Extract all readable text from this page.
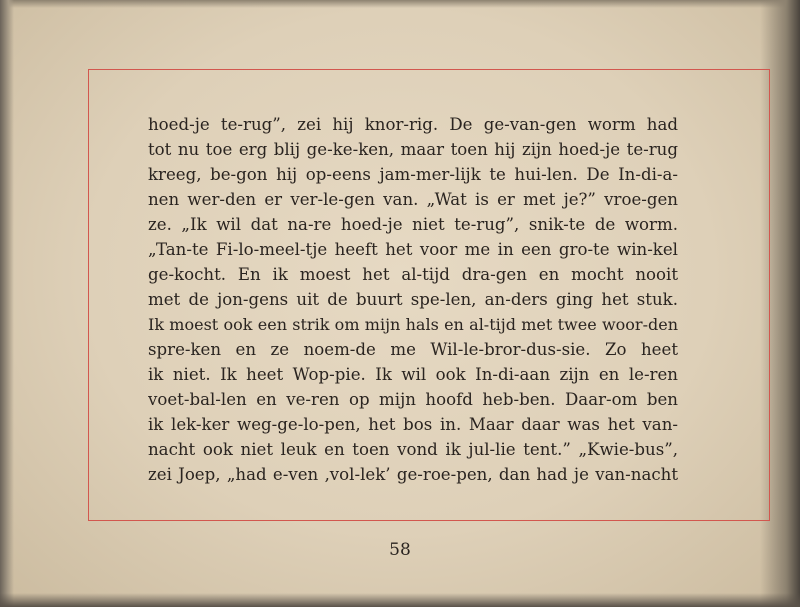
hoed-je te-rug”, zei hij knor-rig. De ge-van-gen worm had
tot nu toe erg blij ge-ke-ken, maar toen hij zijn hoed-je te-rug
kreeg, be-gon hij op-eens jam-mer-lijk te hui-len. De In-di-a-
nen wer-den er ver-le-gen van. „Wat is er met je?” vroe-gen
ze. „Ik wil dat na-re hoed-je niet te-rug”, snik-te de worm.
„Tan-te Fi-lo-meel-tje heeft het voor me in een gro-te win-kel
ge-kocht. En ik moest het al-tijd dra-gen en mocht nooit
met de jon-gens uit de buurt spe-len, an-ders ging het stuk.
Ik moest ook een strik om mijn hals en al-tijd met twee woor-den
spre-ken en ze noem-de me Wil-le-bror-dus-sie. Zo heet
ik niet. Ik heet Wop-pie. Ik wil ook In-di-aan zijn en le-ren
voet-bal-len en ve-ren op mijn hoofd heb-ben. Daar-om ben
ik lek-ker weg-ge-lo-pen, het bos in. Maar daar was het van-
nacht ook niet leuk en toen vond ik jul-lie tent.” „Kwie-bus”,
zei Joep, „had e-ven ‚vol-lek’ ge-roe-pen, dan had je van-nacht
58
